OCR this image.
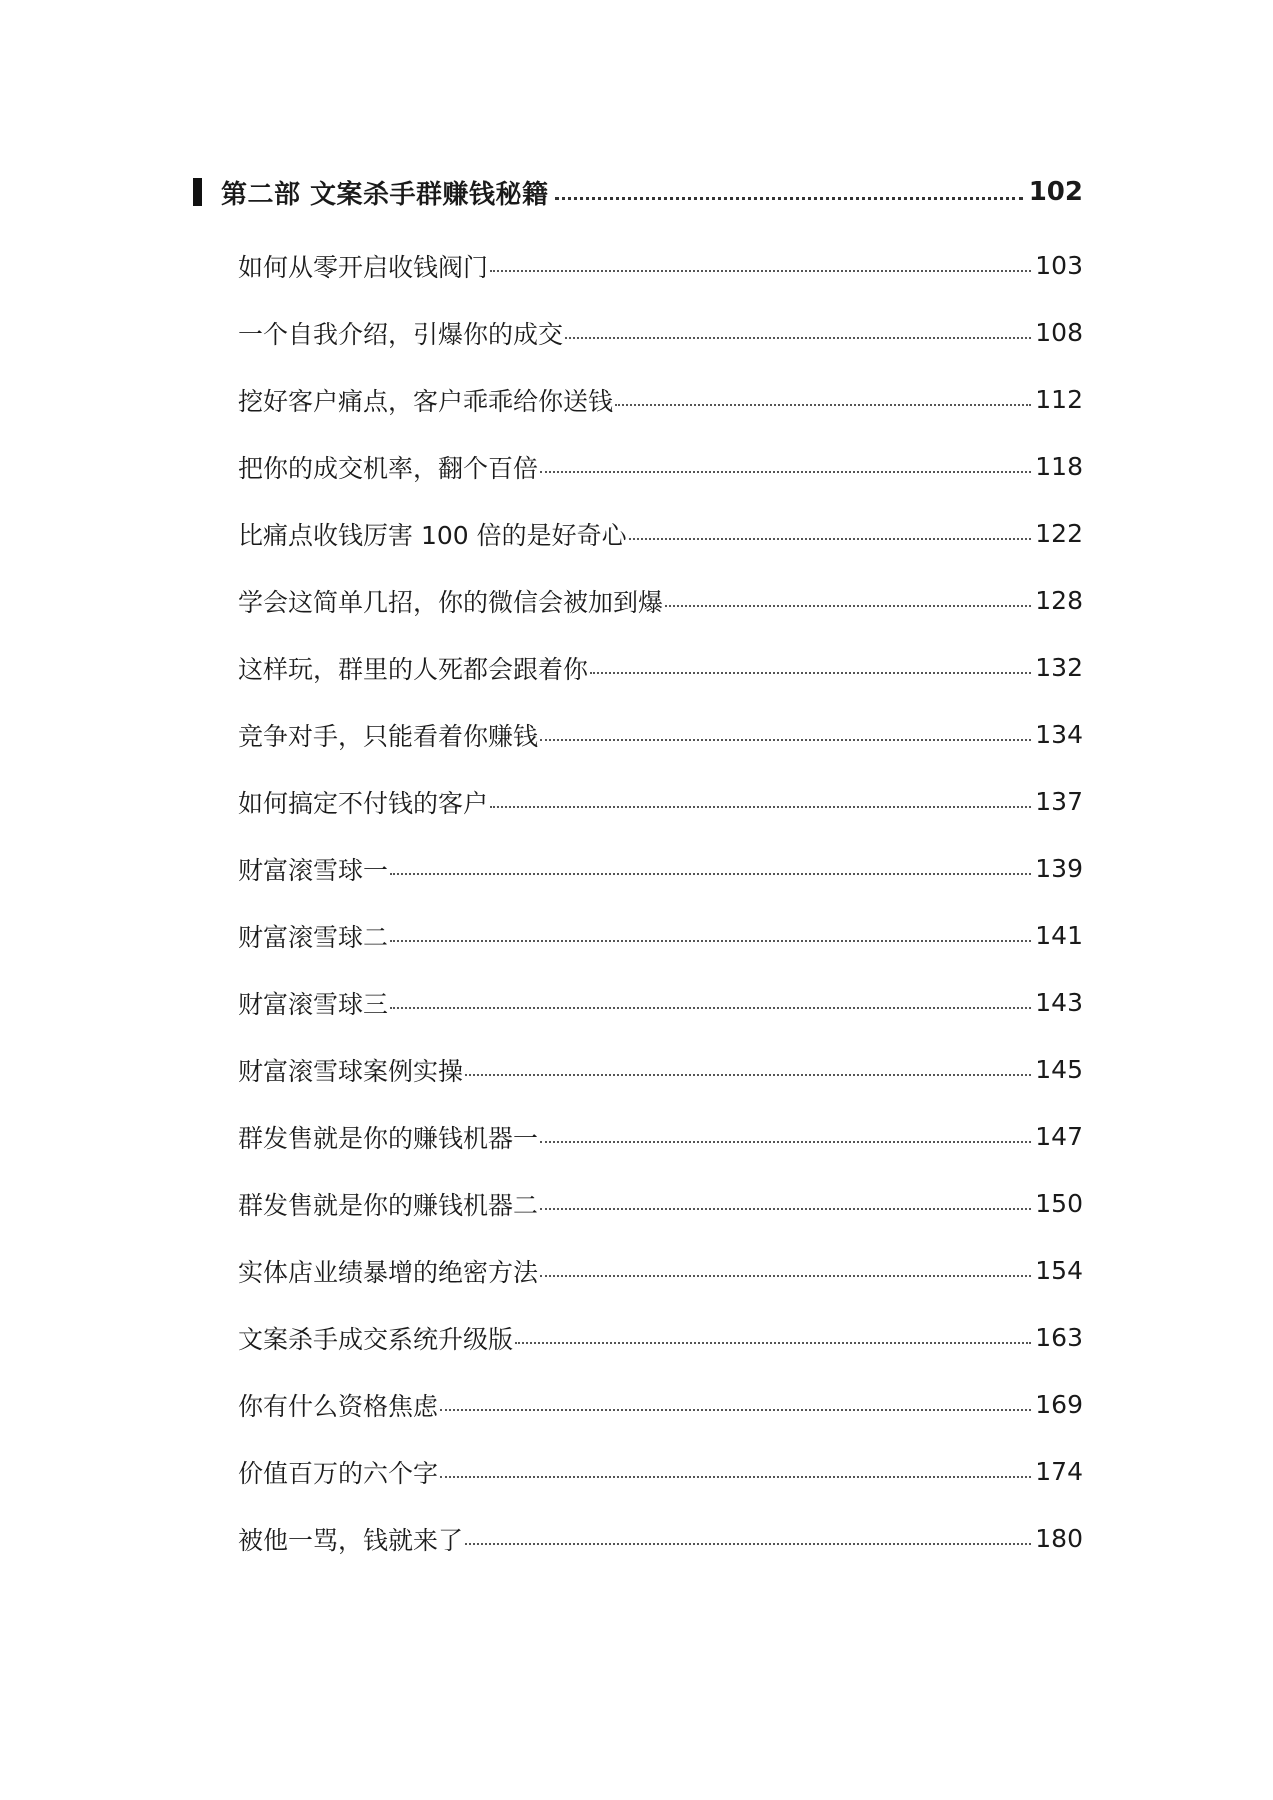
第二部 文案杀手群赚钱秘籍	102
如何从零开启收钱阀门	103
一个自我介绍，引爆你的成交	108
挖好客户痛点，客户乖乖给你送钱	112
把你的成交机率，翻个百倍	118
比痛点收钱厉害 100 倍的是好奇心	122
学会这简单几招，你的微信会被加到爆	128
这样玩，群里的人死都会跟着你	132
竞争对手，只能看着你赚钱	134
如何搞定不付钱的客户	137
财富滚雪球一	139
财富滚雪球二	141
财富滚雪球三	143
财富滚雪球案例实操	145
群发售就是你的赚钱机器一	147
群发售就是你的赚钱机器二	150
实体店业绩暴增的绝密方法	154
文案杀手成交系统升级版	163
你有什么资格焦虑	169
价值百万的六个字	174
被他一骂，钱就来了	180
